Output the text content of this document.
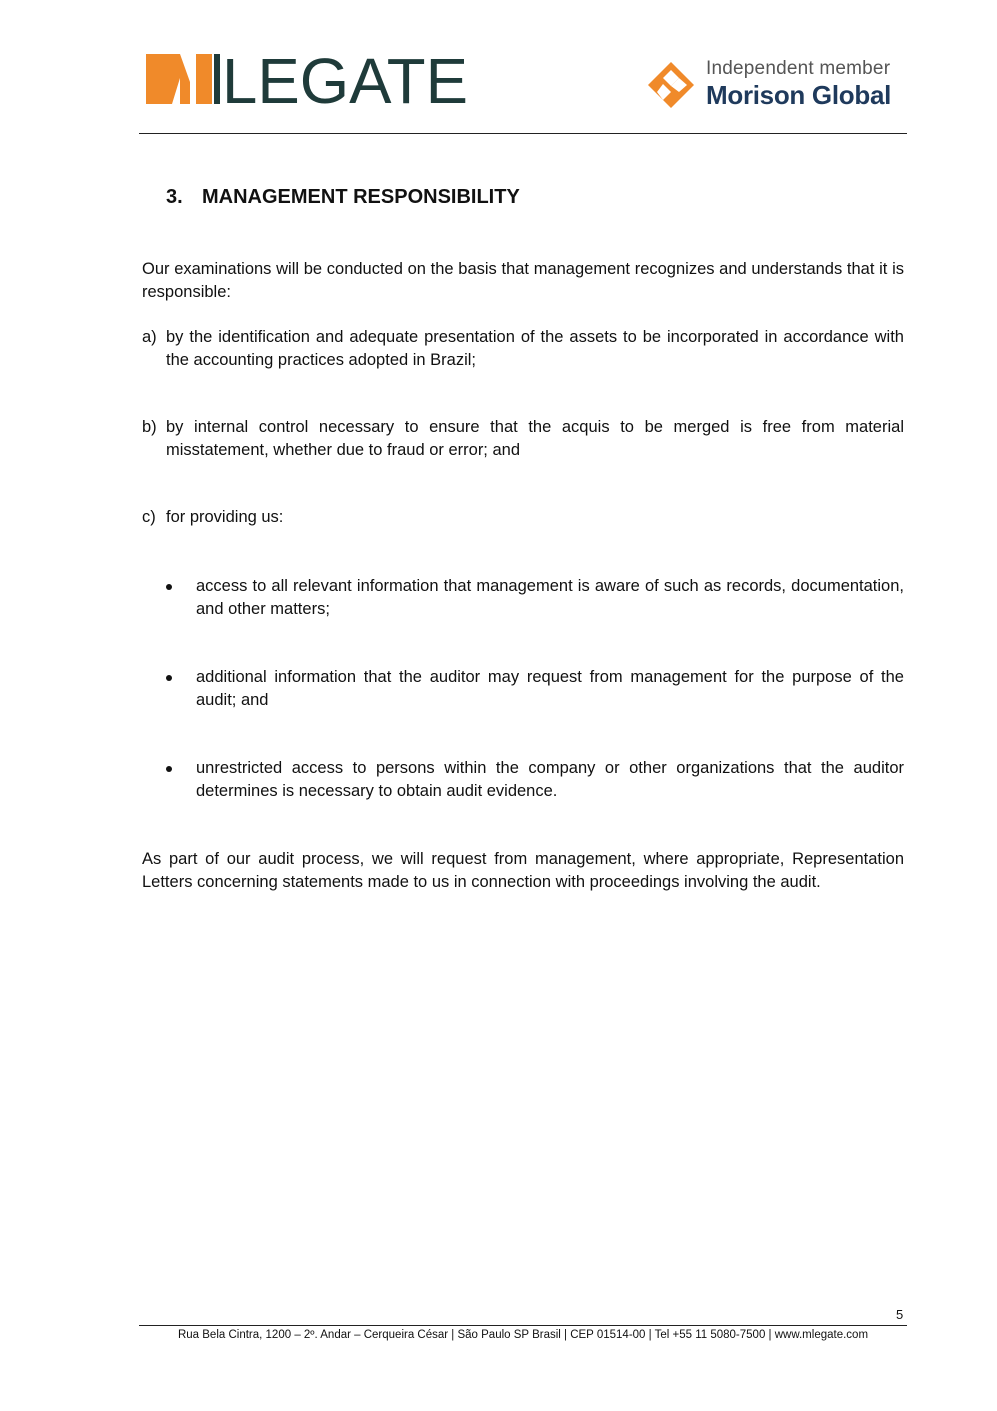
LEGATE	Independent member
Morison Global
3. MANAGEMENT RESPONSIBILITY
Our examinations will be conducted on the basis that management recognizes and understands that it is responsible:
a) by the identification and adequate presentation of the assets to be incorporated in accordance with the accounting practices adopted in Brazil;
b) by internal control necessary to ensure that the acquis to be merged is free from material misstatement, whether due to fraud or error; and
c) for providing us:
access to all relevant information that management is aware of such as records, documentation, and other matters;
additional information that the auditor may request from management for the purpose of the audit; and
unrestricted access to persons within the company or other organizations that the auditor determines is necessary to obtain audit evidence.
As part of our audit process, we will request from management, where appropriate, Representation Letters concerning statements made to us in connection with proceedings involving the audit.
5
Rua Bela Cintra, 1200 – 2º. Andar – Cerqueira César | São Paulo SP Brasil | CEP 01514-00 | Tel +55 11 5080-7500 | www.mlegate.com
